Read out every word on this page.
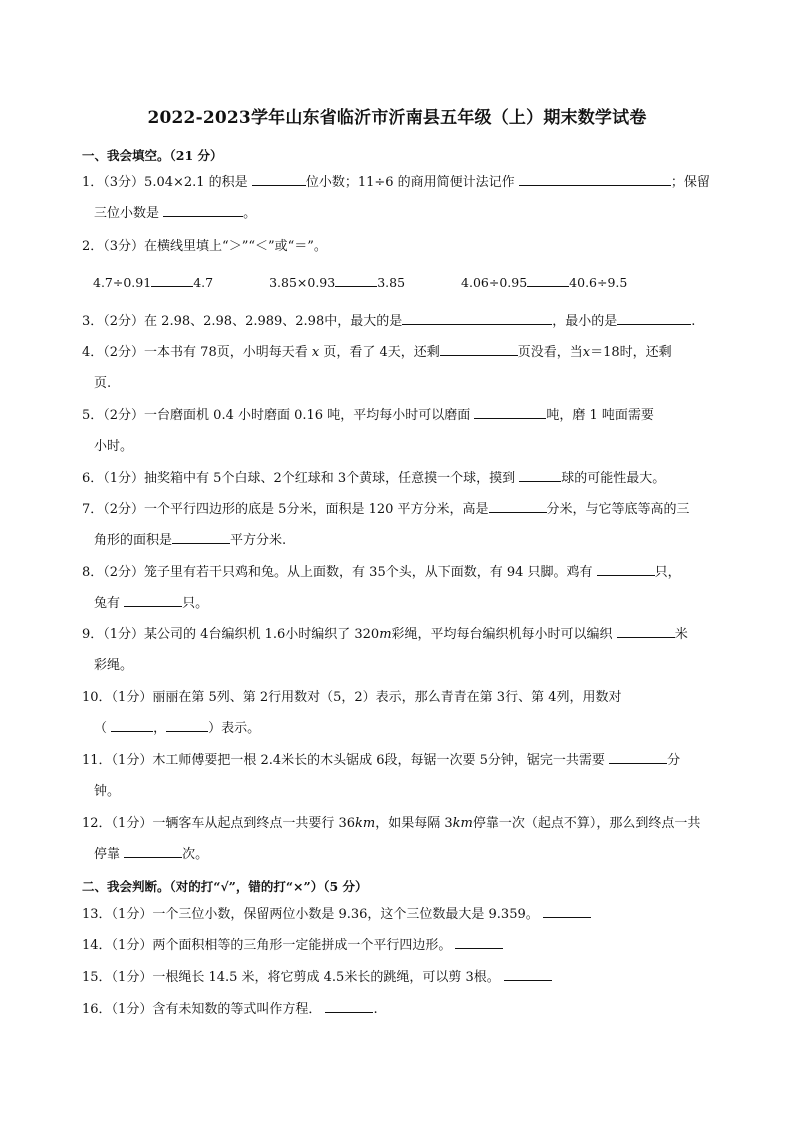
2022-2023学年山东省临沂市沂南县五年级（上）期末数学试卷
一、我会填空。（21 分）
1．（3分）5.04×2.1 的积是	位小数；11÷6 的商用简便计法记作	；保留
三位小数是	。
2．（3分）在横线里填上“＞”“＜”或“＝”。
4.7÷0.91	4.7	3.85×0.93	3.85	4.06÷0.95	40.6÷9.5
3．（2分）在 2.98、2.98、2.989、2.98中，最大的是	，最小的是	.
4．（2分）一本书有 78页，小明每天看 x 页，看了 4天，还剩	页没看，当x＝18时，还剩
页.
5．（2分）一台磨面机 0.4 小时磨面 0.16 吨，平均每小时可以磨面	吨，磨 1 吨面需要
小时。
6．（1分）抽奖箱中有 5个白球、2个红球和 3个黄球，任意摸一个球，摸到	球的可能性最大。
7．（2分）一个平行四边形的底是 5分米，面积是 120 平方分米，高是	分米，与它等底等高的三
角形的面积是	平方分米.
8．（2分）笼子里有若干只鸡和兔。从上面数，有 35个头，从下面数，有 94 只脚。鸡有	只，
兔有	只。
9．（1分）某公司的 4台编织机 1.6小时编织了 320m彩绳，平均每台编织机每小时可以编织	米
彩绳。
10．（1分）丽丽在第 5列、第 2行用数对（5，2）表示，那么青青在第 3行、第 4列，用数对
（	，	）表示。
11．（1分）木工师傅要把一根 2.4米长的木头锯成 6段，每锯一次要 5分钟，锯完一共需要	分
钟。
12．（1分）一辆客车从起点到终点一共要行 36km，如果每隔 3km停靠一次（起点不算），那么到终点一共
停靠	次。
二、我会判断。（对的打“√”，错的打“×”）（5 分）
13．（1分）一个三位小数，保留两位小数是 9.36，这个三位数最大是 9.359。
14．（1分）两个面积相等的三角形一定能拼成一个平行四边形。
15．（1分）一根绳长 14.5 米，将它剪成 4.5米长的跳绳，可以剪 3根。
16．（1分）含有未知数的等式叫作方程．	.
